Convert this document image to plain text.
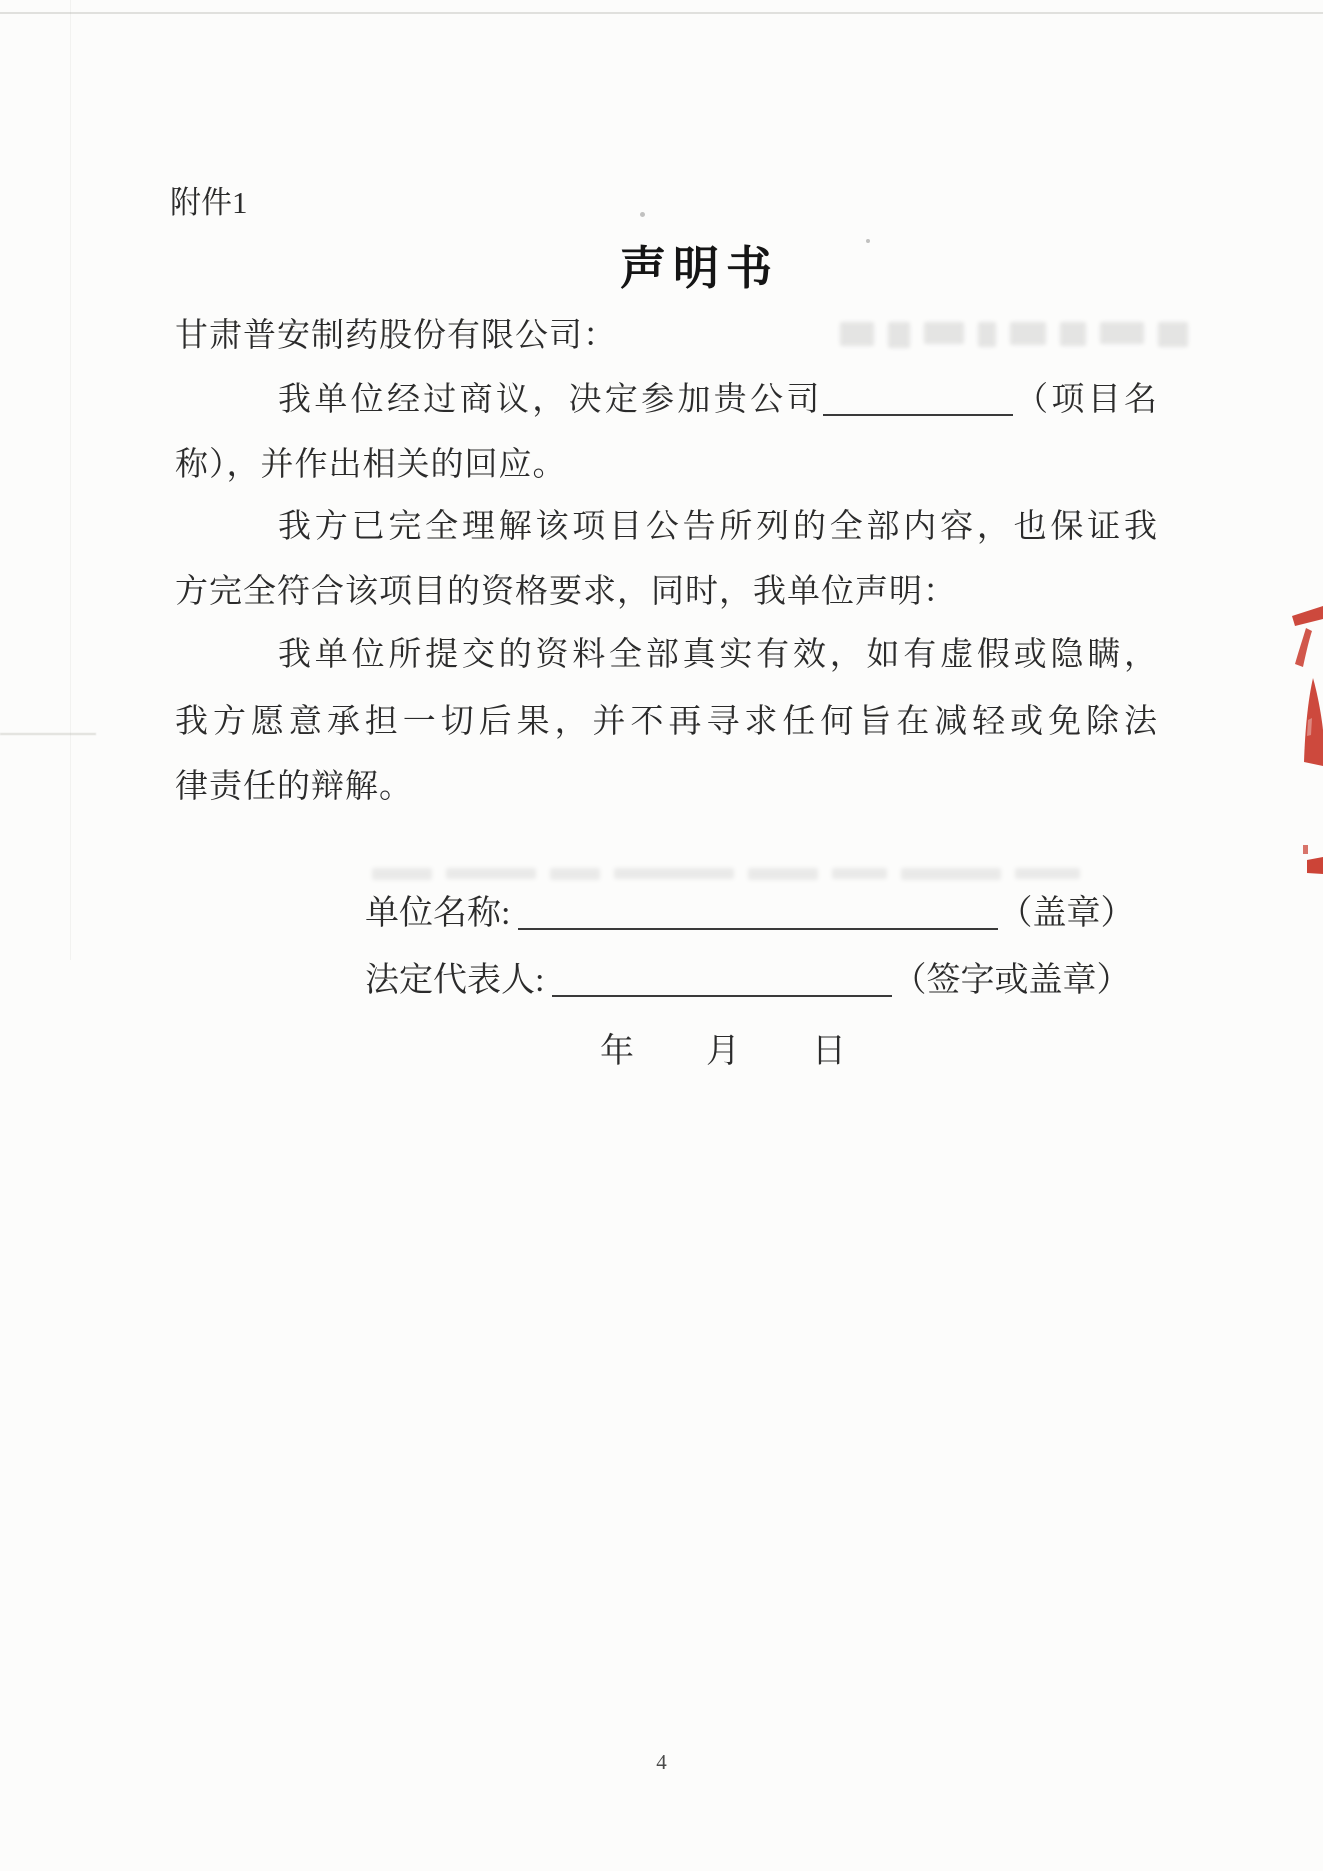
附件1
声明书
甘肃普安制药股份有限公司：
我单位经过商议，决定参加贵公司	（项目名
称），并作出相关的回应。
我方已完全理解该项目公告所列的全部内容，也保证我
方完全符合该项目的资格要求，同时，我单位声明：
我单位所提交的资料全部真实有效，如有虚假或隐瞒，
我方愿意承担一切后果，并不再寻求任何旨在减轻或免除法
律责任的辩解。
单位名称:	（盖章）
法定代表人:	（签字或盖章）
年 月 日
4
